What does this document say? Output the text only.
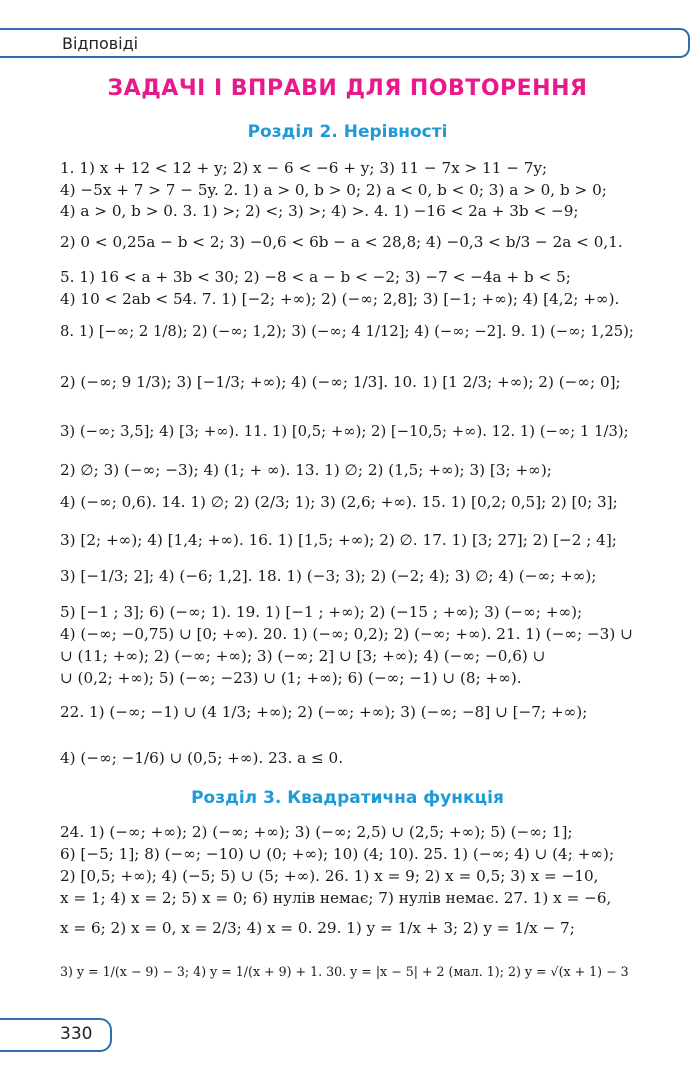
Відповіді
ЗАДАЧІ І ВПРАВИ ДЛЯ ПОВТОРЕННЯ
Розділ 2. Нерівності
1. 1) x + 12 < 12 + y; 2) x − 6 < −6 + y; 3) 11 − 7x > 11 − 7y;
4) −5x + 7 > 7 − 5y. 2. 1) a > 0, b > 0; 2) a < 0, b < 0; 3) a > 0, b > 0;
4) a > 0, b > 0. 3. 1) >; 2) <; 3) >; 4) >. 4. 1) −16 < 2a + 3b < −9;
2) 0 < 0,25a − b < 2; 3) −0,6 < 6b − a < 28,8; 4) −0,3 < b/3 − 2a < 0,1.
5. 1) 16 < a + 3b < 30; 2) −8 < a − b < −2; 3) −7 < −4a + b < 5;
4) 10 < 2ab < 54. 7. 1) [−2; +∞); 2) (−∞; 2,8]; 3) [−1; +∞); 4) [4,2; +∞).
8. 1) [−∞; 2 1/8); 2) (−∞; 1,2); 3) (−∞; 4 1/12]; 4) (−∞; −2]. 9. 1) (−∞; 1,25);
2) (−∞; 9 1/3); 3) [−1/3; +∞); 4) (−∞; 1/3]. 10. 1) [1 2/3; +∞); 2) (−∞; 0];
3) (−∞; 3,5]; 4) [3; +∞). 11. 1) [0,5; +∞); 2) [−10,5; +∞). 12. 1) (−∞; 1 1/3);
2) ∅; 3) (−∞; −3); 4) (1; + ∞). 13. 1) ∅; 2) (1,5; +∞); 3) [3; +∞);
4) (−∞; 0,6). 14. 1) ∅; 2) (2/3; 1); 3) (2,6; +∞). 15. 1) [0,2; 0,5]; 2) [0; 3];
3) [2; +∞); 4) [1,4; +∞). 16. 1) [1,5; +∞); 2) ∅. 17. 1) [3; 27]; 2) [−2 ; 4];
3) [−1/3; 2]; 4) (−6; 1,2]. 18. 1) (−3; 3); 2) (−2; 4); 3) ∅; 4) (−∞; +∞);
5) [−1 ; 3]; 6) (−∞; 1). 19. 1) [−1 ; +∞); 2) (−15 ; +∞); 3) (−∞; +∞);
4) (−∞; −0,75) ∪ [0; +∞). 20. 1) (−∞; 0,2); 2) (−∞; +∞). 21. 1) (−∞; −3) ∪
∪ (11; +∞); 2) (−∞; +∞); 3) (−∞; 2] ∪ [3; +∞); 4) (−∞; −0,6) ∪
∪ (0,2; +∞); 5) (−∞; −23) ∪ (1; +∞); 6) (−∞; −1) ∪ (8; +∞).
22. 1) (−∞; −1) ∪ (4 1/3; +∞); 2) (−∞; +∞); 3) (−∞; −8] ∪ [−7; +∞);
4) (−∞; −1/6) ∪ (0,5; +∞). 23. a ≤ 0.
Розділ 3. Квадратична функція
24. 1) (−∞; +∞); 2) (−∞; +∞); 3) (−∞; 2,5) ∪ (2,5; +∞); 5) (−∞; 1];
6) [−5; 1]; 8) (−∞; −10) ∪ (0; +∞); 10) (4; 10). 25. 1) (−∞; 4) ∪ (4; +∞);
2) [0,5; +∞); 4) (−5; 5) ∪ (5; +∞). 26. 1) x = 9; 2) x = 0,5; 3) x = −10,
x = 1; 4) x = 2; 5) x = 0; 6) нулів немає; 7) нулів немає. 27. 1) x = −6,
x = 6; 2) x = 0, x = 2/3; 4) x = 0. 29. 1) y = 1/x + 3; 2) y = 1/x − 7;
3) y = 1/(x − 9) − 3; 4) y = 1/(x + 9) + 1. 30. y = |x − 5| + 2 (мал. 1); 2) y = √(x + 1) − 3
330
